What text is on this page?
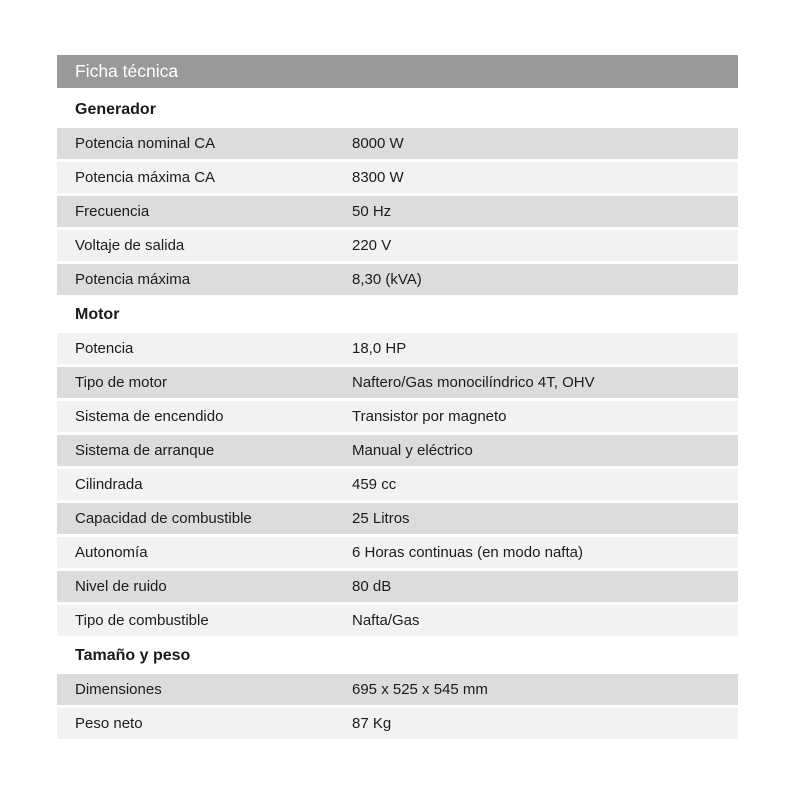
Ficha técnica
Generador
Potencia nominal CA	8000 W
Potencia máxima CA	8300 W
Frecuencia	50 Hz
Voltaje de salida	220 V
Potencia máxima	8,30 (kVA)
Motor
Potencia	18,0 HP
Tipo de motor	Naftero/Gas monocilíndrico 4T, OHV
Sistema de encendido	Transistor por magneto
Sistema de arranque	Manual y eléctrico
Cilindrada	459 cc
Capacidad de combustible	25 Litros
Autonomía	6 Horas continuas (en modo nafta)
Nivel de ruido	80 dB
Tipo de combustible	Nafta/Gas
Tamaño y peso
Dimensiones	695 x 525 x 545 mm
Peso neto	87 Kg
